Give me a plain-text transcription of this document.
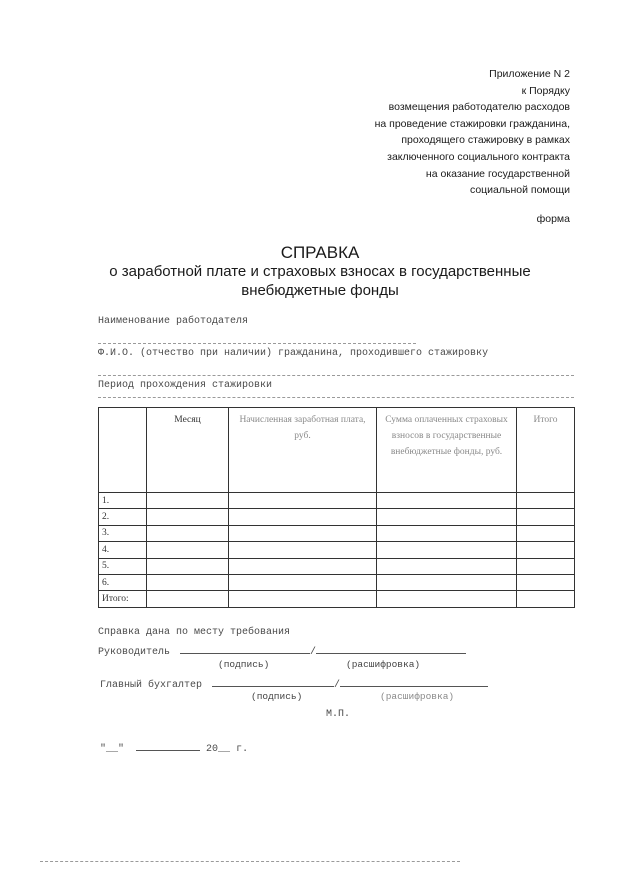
Приложение N 2
к Порядку
возмещения работодателю расходов
на проведение стажировки гражданина,
проходящего стажировку в рамках
заключенного социального контракта
на оказание государственной
социальной помощи
форма
СПРАВКА
о заработной плате и страховых взносах в государственные
внебюджетные фонды
Наименование работодателя
Ф.И.О. (отчество при наличии) гражданина, проходившего стажировку
Период прохождения стажировки
	Месяц	Начисленная заработная плата, руб.	Сумма оплаченных страховых взносов в государственные внебюджетные фонды, руб.	Итого
1.				
2.				
3.				
4.				
5.				
6.				
Итого:				
Справка дана по месту требования
Руководитель	/
(подпись)	(расшифровка)
Главный бухгалтер	/
(подпись)	(расшифровка)
М.П.
"__"	20__ г.
